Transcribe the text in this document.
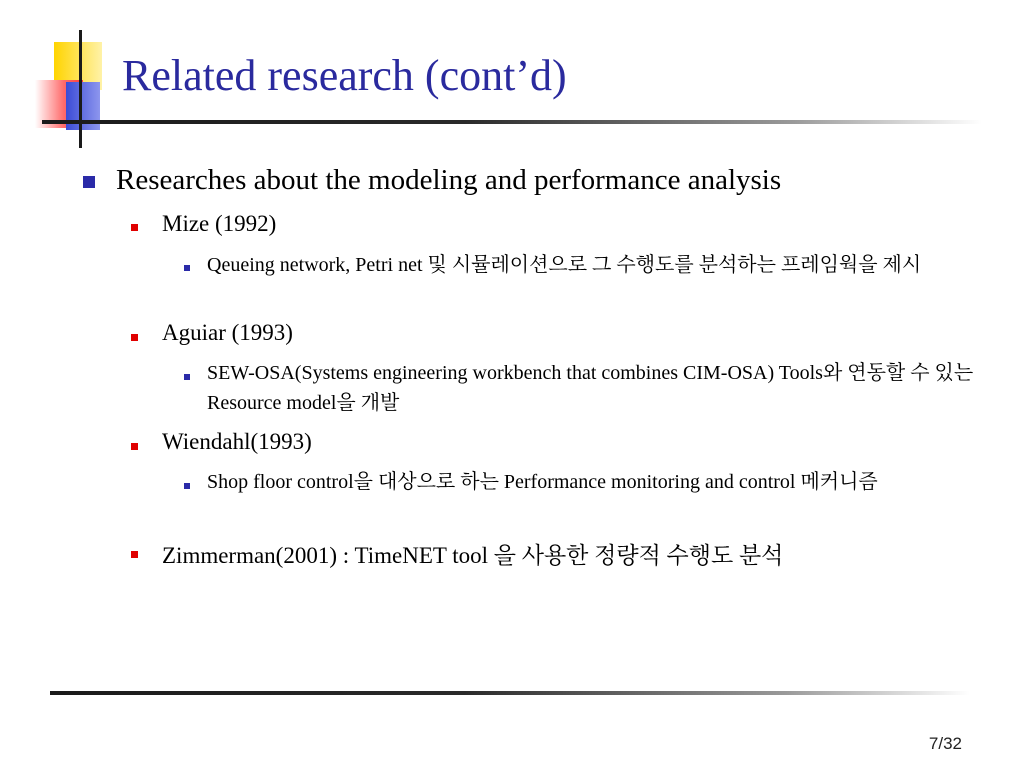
Related research (cont’d)
Researches about the modeling and performance analysis
Mize (1992)
Qeueing network, Petri net 및 시뮬레이션으로 그 수행도를 분석하는 프레임웍을 제시
Aguiar (1993)
SEW-OSA(Systems engineering workbench that combines CIM-OSA) Tools와 연동할 수 있는 Resource model을 개발
Wiendahl(1993)
Shop floor control을 대상으로 하는 Performance monitoring and control 메커니즘
Zimmerman(2001) : TimeNET tool 을 사용한 정량적 수행도 분석
7/32
